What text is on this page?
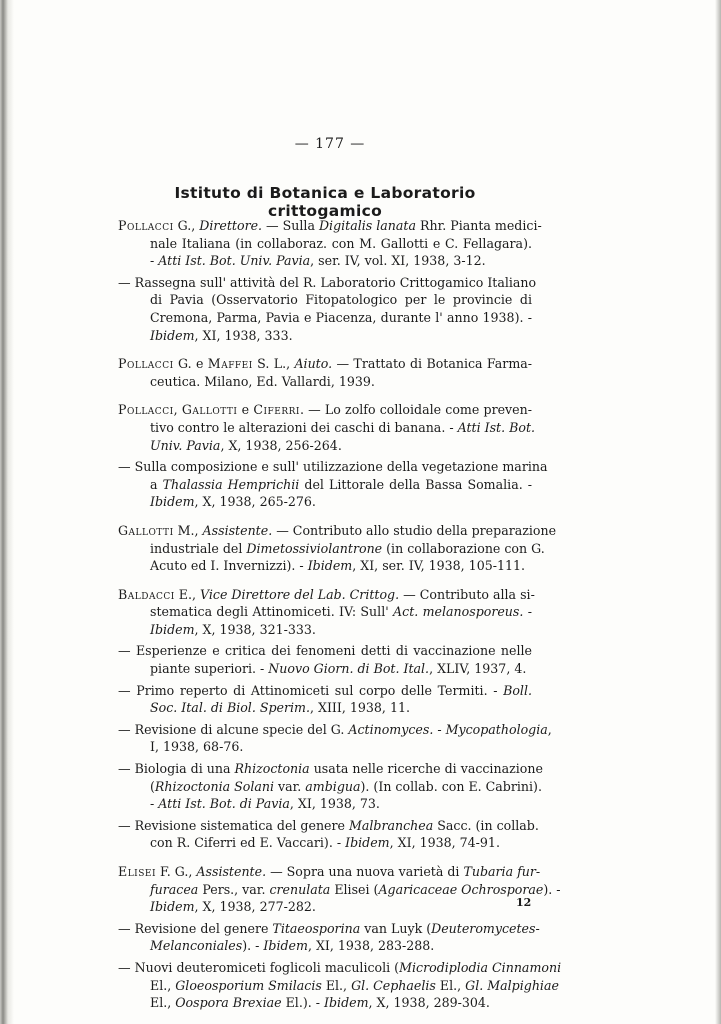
— 177 —
Istituto di Botanica e Laboratorio crittogamico
Pollacci G., Direttore. — Sulla Digitalis lanata Rhr. Pianta medici-
nale Italiana (in collaboraz. con M. Gallotti e C. Fellagara).
- Atti Ist. Bot. Univ. Pavia, ser. IV, vol. XI, 1938, 3-12.
— Rassegna sull' attività del R. Laboratorio Crittogamico Italiano
di Pavia (Osservatorio Fitopatologico per le provincie di
Cremona, Parma, Pavia e Piacenza, durante l' anno 1938). -
Ibidem, XI, 1938, 333.
Pollacci G. e Maffei S. L., Aiuto. — Trattato di Botanica Farma-
ceutica. Milano, Ed. Vallardi, 1939.
Pollacci, Gallotti e Ciferri. — Lo zolfo colloidale come preven-
tivo contro le alterazioni dei caschi di banana. - Atti Ist. Bot.
Univ. Pavia, X, 1938, 256-264.
— Sulla composizione e sull' utilizzazione della vegetazione marina
a Thalassia Hemprichii del Littorale della Bassa Somalia. -
Ibidem, X, 1938, 265-276.
Gallotti M., Assistente. — Contributo allo studio della preparazione
industriale del Dimetossiviolantrone (in collaborazione con G.
Acuto ed I. Invernizzi). - Ibidem, XI, ser. IV, 1938, 105-111.
Baldacci E., Vice Direttore del Lab. Crittog. — Contributo alla si-
stematica degli Attinomiceti. IV: Sull' Act. melanosporeus. -
Ibidem, X, 1938, 321-333.
— Esperienze e critica dei fenomeni detti di vaccinazione nelle
piante superiori. - Nuovo Giorn. di Bot. Ital., XLIV, 1937, 4.
— Primo reperto di Attinomiceti sul corpo delle Termiti. - Boll.
Soc. Ital. di Biol. Sperim., XIII, 1938, 11.
— Revisione di alcune specie del G. Actinomyces. - Mycopathologia,
I, 1938, 68-76.
— Biologia di una Rhizoctonia usata nelle ricerche di vaccinazione
(Rhizoctonia Solani var. ambigua). (In collab. con E. Cabrini).
- Atti Ist. Bot. di Pavia, XI, 1938, 73.
— Revisione sistematica del genere Malbranchea Sacc. (in collab.
con R. Ciferri ed E. Vaccari). - Ibidem, XI, 1938, 74-91.
Elisei F. G., Assistente. — Sopra una nuova varietà di Tubaria fur-
furacea Pers., var. crenulata Elisei (Agaricaceae Ochrosporae). -
Ibidem, X, 1938, 277-282.
— Revisione del genere Titaeosporina van Luyk (Deuteromycetes-
Melanconiales). - Ibidem, XI, 1938, 283-288.
— Nuovi deuteromiceti foglicoli maculicoli (Microdiplodia Cinnamoni
El., Gloeosporium Smilacis El., Gl. Cephaelis El., Gl. Malpighiae
El., Oospora Brexiae El.). - Ibidem, X, 1938, 289-304.
12
